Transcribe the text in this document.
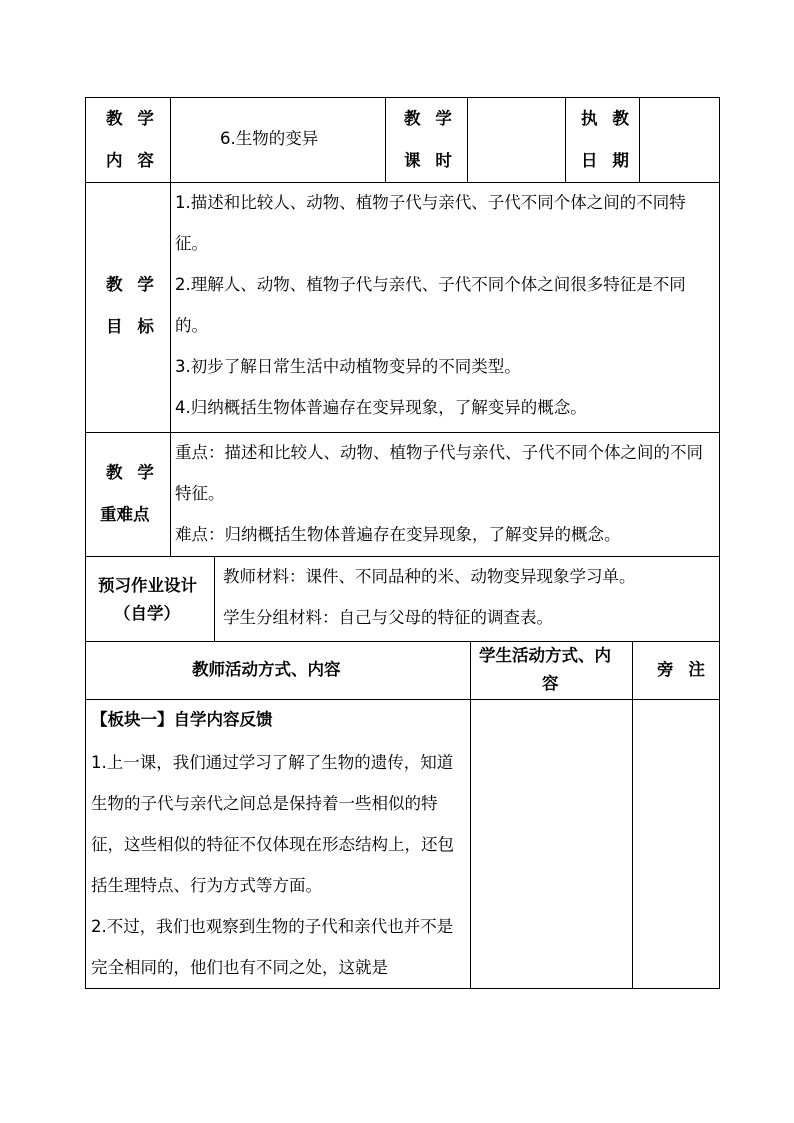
教学
内容
6.生物的变异
教学
课时
执教
日期
教学
目标

1.描述和比较人、动物、植物子代与亲代、子代不同个体之间的不同特征。

2.理解人、动物、植物子代与亲代、子代不同个体之间很多特征是不同的。

3.初步了解日常生活中动植物变异的不同类型。

4.归纳概括生物体普遍存在变异现象，了解变异的概念。

教学
重难点

重点：描述和比较人、动物、植物子代与亲代、子代不同个体之间的不同特征。

难点：归纳概括生物体普遍存在变异现象，了解变异的概念。

预习作业设计
（自学）

教师材料：课件、不同品种的米、动物变异现象学习单。

学生分组材料：自己与父母的特征的调查表。

教师活动方式、内容
学生活动方式、内
容
旁注
【板块一】自学内容反馈

1.上一课，我们通过学习了解了生物的遗传，知道生物的子代与亲代之间总是保持着一些相似的特征，这些相似的特征不仅体现在形态结构上，还包括生理特点、行为方式等方面。

2.不过，我们也观察到生物的子代和亲代也并不是完全相同的，他们也有不同之处，这就是
